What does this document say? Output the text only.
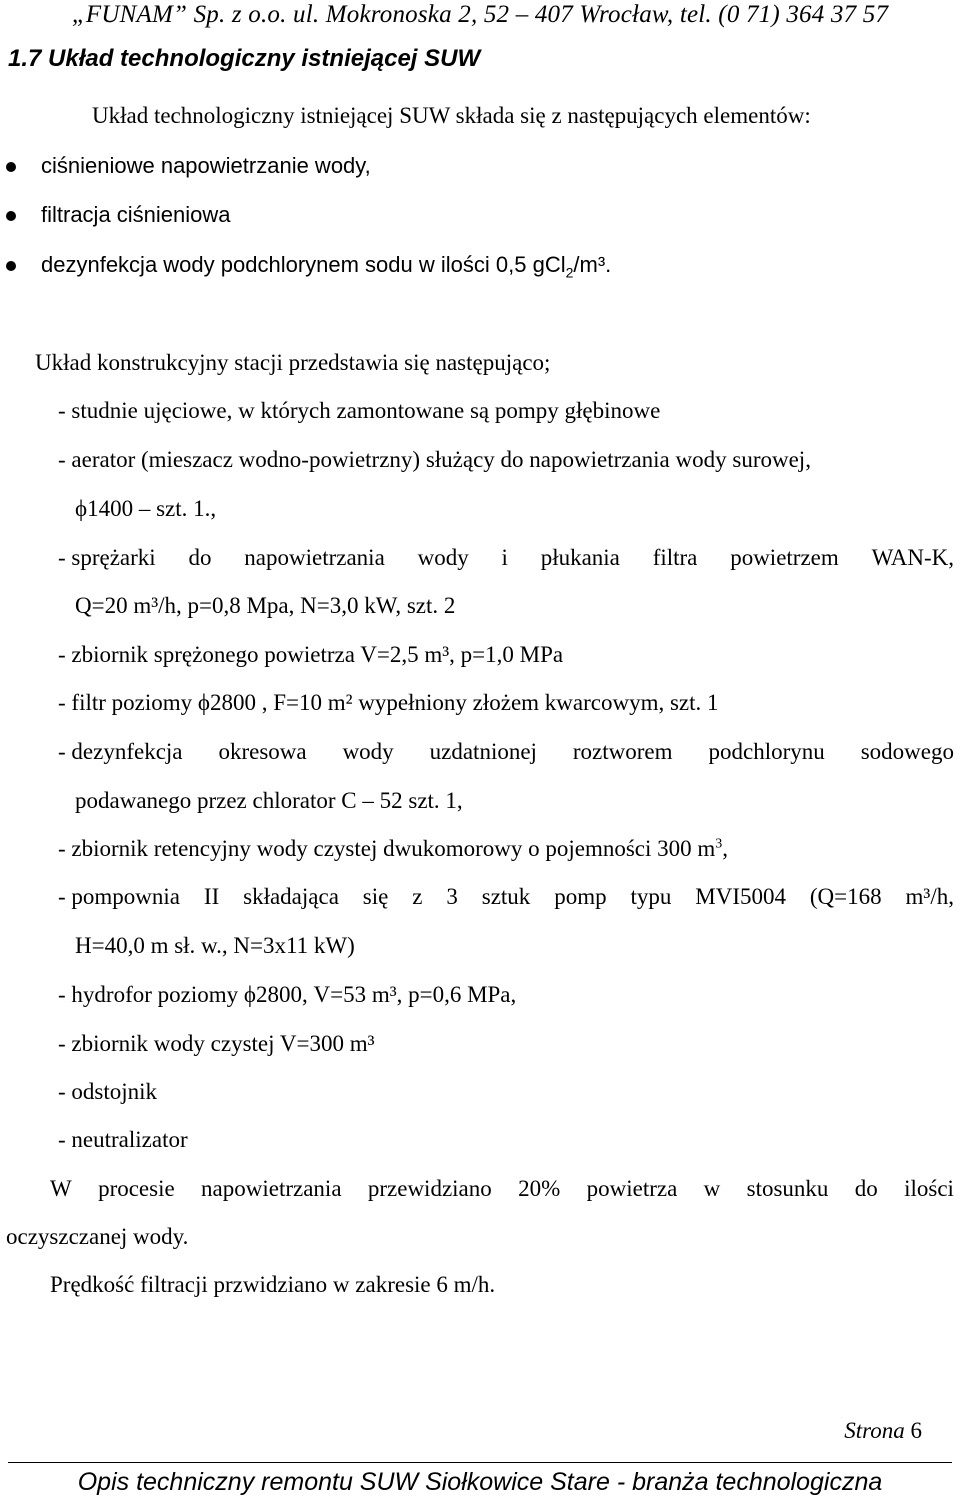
„FUNAM” Sp. z o.o. ul. Mokronoska 2, 52 – 407 Wrocław, tel. (0 71) 364 37 57
1.7 Układ technologiczny istniejącej SUW
Układ technologiczny istniejącej SUW składa się z następujących elementów:
ciśnieniowe napowietrzanie wody,
filtracja ciśnieniowa
dezynfekcja wody podchlorynem sodu w ilości 0,5 gCl$_2$/m³.
Układ konstrukcyjny stacji przedstawia się następująco;
- studnie ujęciowe, w których zamontowane są pompy głębinowe
- aerator (mieszacz wodno-powietrzny) służący do napowietrzania wody surowej,
ϕ1400 – szt. 1.,
- sprężarki do napowietrzania wody i płukania filtra powietrzem WAN-K,
Q=20 m³/h, p=0,8 Mpa, N=3,0 kW, szt. 2
- zbiornik sprężonego powietrza V=2,5 m³, p=1,0 MPa
- filtr poziomy ϕ2800 , F=10 m² wypełniony złożem kwarcowym, szt. 1
- dezynfekcja okresowa wody uzdatnionej roztworem podchlorynu sodowego
podawanego przez chlorator C – 52 szt. 1,
- zbiornik retencyjny wody czystej dwukomorowy o pojemności 300 $m^3$,
- pompownia II składająca się z 3 sztuk pomp typu MVI5004 (Q=168 m³/h,
H=40,0 m sł. w., N=3x11 kW)
- hydrofor poziomy ϕ2800, V=53 m³, p=0,6 MPa,
- zbiornik wody czystej V=300 m³
- odstojnik
- neutralizator
W procesie napowietrzania przewidziano 20% powietrza w stosunku do ilości
oczyszczanej wody.
Prędkość filtracji przwidziano w zakresie 6 m/h.
Strona 6
Opis techniczny remontu SUW Siołkowice Stare - branża technologiczna
